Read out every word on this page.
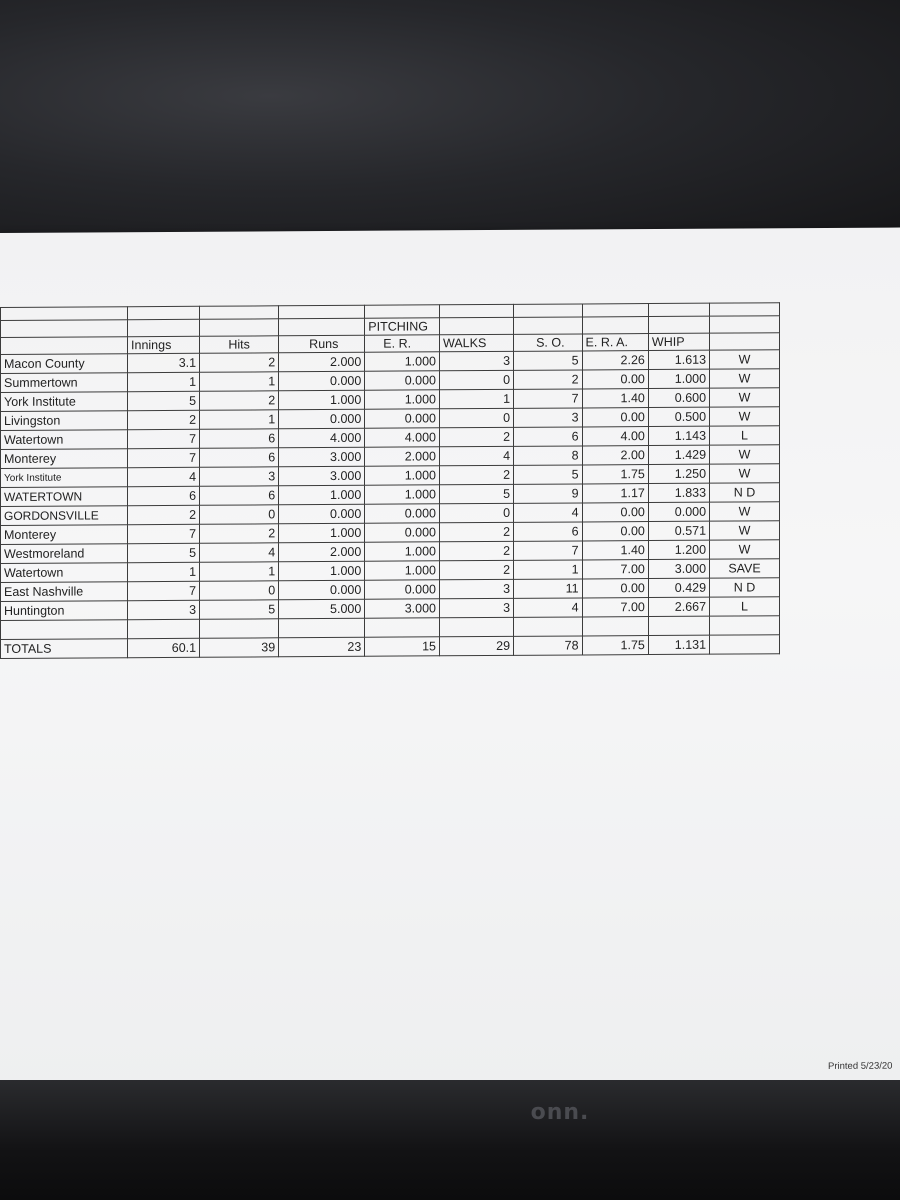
				PITCHING					
	Innings	Hits	Runs	E. R.	WALKS	S. O.	E. R. A.	WHIP	
Macon County	3.1	2	2.000	1.000	3	5	2.26	1.613	W
Summertown	1	1	0.000	0.000	0	2	0.00	1.000	W
York Institute	5	2	1.000	1.000	1	7	1.40	0.600	W
Livingston	2	1	0.000	0.000	0	3	0.00	0.500	W
Watertown	7	6	4.000	4.000	2	6	4.00	1.143	L
Monterey	7	6	3.000	2.000	4	8	2.00	1.429	W
York Institute	4	3	3.000	1.000	2	5	1.75	1.250	W
WATERTOWN	6	6	1.000	1.000	5	9	1.17	1.833	N D
GORDONSVILLE	2	0	0.000	0.000	0	4	0.00	0.000	W
Monterey	7	2	1.000	0.000	2	6	0.00	0.571	W
Westmoreland	5	4	2.000	1.000	2	7	1.40	1.200	W
Watertown	1	1	1.000	1.000	2	1	7.00	3.000	SAVE
East Nashville	7	0	0.000	0.000	3	11	0.00	0.429	N D
Huntington	3	5	5.000	3.000	3	4	7.00	2.667	L

TOTALS	60.1	39	23	15	29	78	1.75	1.131	
Printed 5/23/20
onn.
